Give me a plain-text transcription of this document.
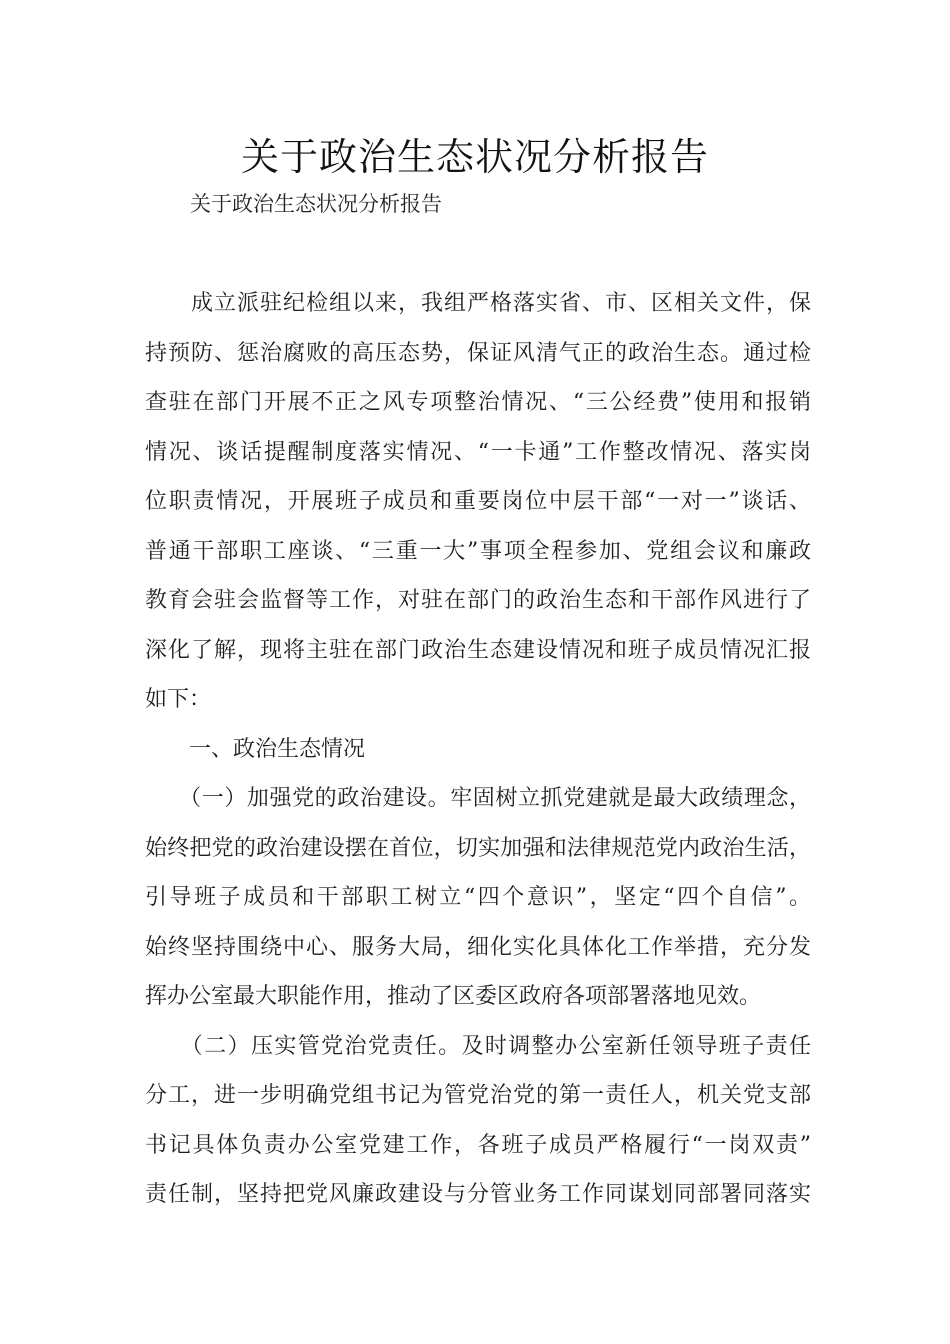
关于政治生态状况分析报告
关于政治生态状况分析报告
　　成立派驻纪检组以来，我组严格落实省、市、区相关文件，保
持预防、惩治腐败的高压态势，保证风清气正的政治生态。通过检
查驻在部门开展不正之风专项整治情况、“三公经费”使用和报销
情况、谈话提醒制度落实情况、“一卡通”工作整改情况、落实岗
位职责情况，开展班子成员和重要岗位中层干部“一对一”谈话、
普通干部职工座谈、“三重一大”事项全程参加、党组会议和廉政
教育会驻会监督等工作，对驻在部门的政治生态和干部作风进行了
深化了解，现将主驻在部门政治生态建设情况和班子成员情况汇报
如下：
　　一、政治生态情况
　　（一）加强党的政治建设。牢固树立抓党建就是最大政绩理念，
始终把党的政治建设摆在首位，切实加强和法律规范党内政治生活，
引导班子成员和干部职工树立“四个意识”，坚定“四个自信”。
始终坚持围绕中心、服务大局，细化实化具体化工作举措，充分发
挥办公室最大职能作用，推动了区委区政府各项部署落地见效。
　　（二）压实管党治党责任。及时调整办公室新任领导班子责任
分工，进一步明确党组书记为管党治党的第一责任人，机关党支部
书记具体负责办公室党建工作，各班子成员严格履行“一岗双责”
责任制，坚持把党风廉政建设与分管业务工作同谋划同部署同落实
